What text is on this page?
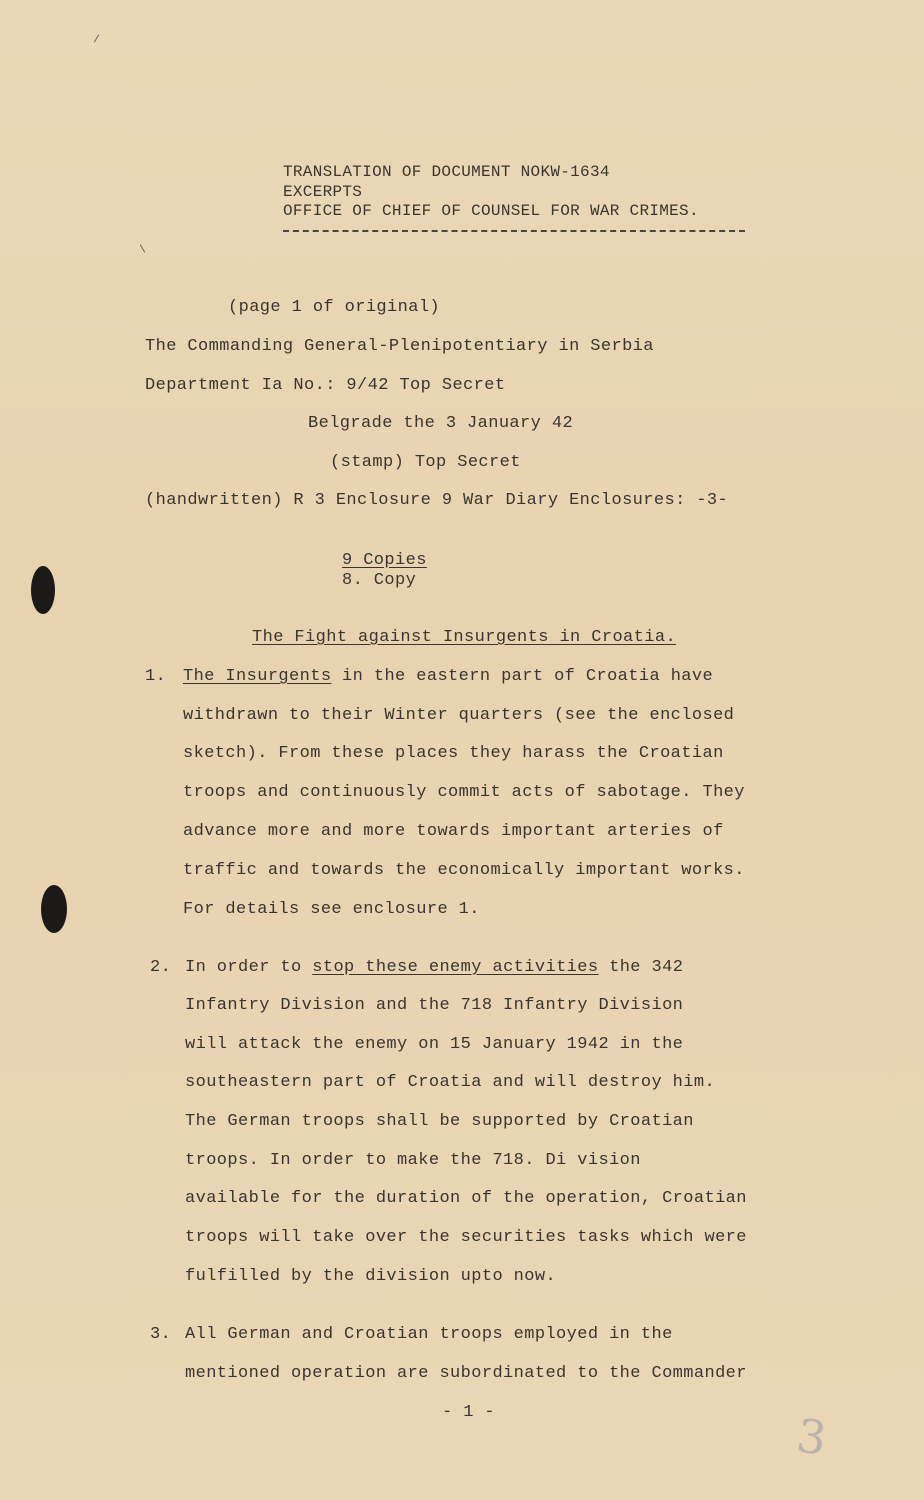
TRANSLATION OF DOCUMENT NOKW-1634
EXCERPTS
OFFICE OF CHIEF OF COUNSEL FOR WAR CRIMES.
(page 1 of original)
The Commanding General-Plenipotentiary in Serbia
Department Ia No.: 9/42 Top Secret
Belgrade the 3 January 42
(stamp) Top Secret
(handwritten) R 3 Enclosure 9 War Diary Enclosures: -3-
9 Copies
8. Copy
The Fight against Insurgents in Croatia.
1. The Insurgents in the eastern part of Croatia have
withdrawn to their Winter quarters (see the enclosed
sketch). From these places they harass the Croatian
troops and continuously commit acts of sabotage. They
advance more and more towards important arteries of
traffic and towards the economically important works.
For details see enclosure 1.
2. In order to stop these enemy activities the 342
Infantry Division and the 718 Infantry Division
will attack the enemy on 15 January 1942 in the
southeastern part of Croatia and will destroy him.
The German troops shall be supported by Croatian
troops. In order to make the 718. Di vision
available for the duration of the operation, Croatian
troops will take over the securities tasks which were
fulfilled by the division upto now.
3. All German and Croatian troops employed in the
mentioned operation are subordinated to the Commander
- 1 -	3
